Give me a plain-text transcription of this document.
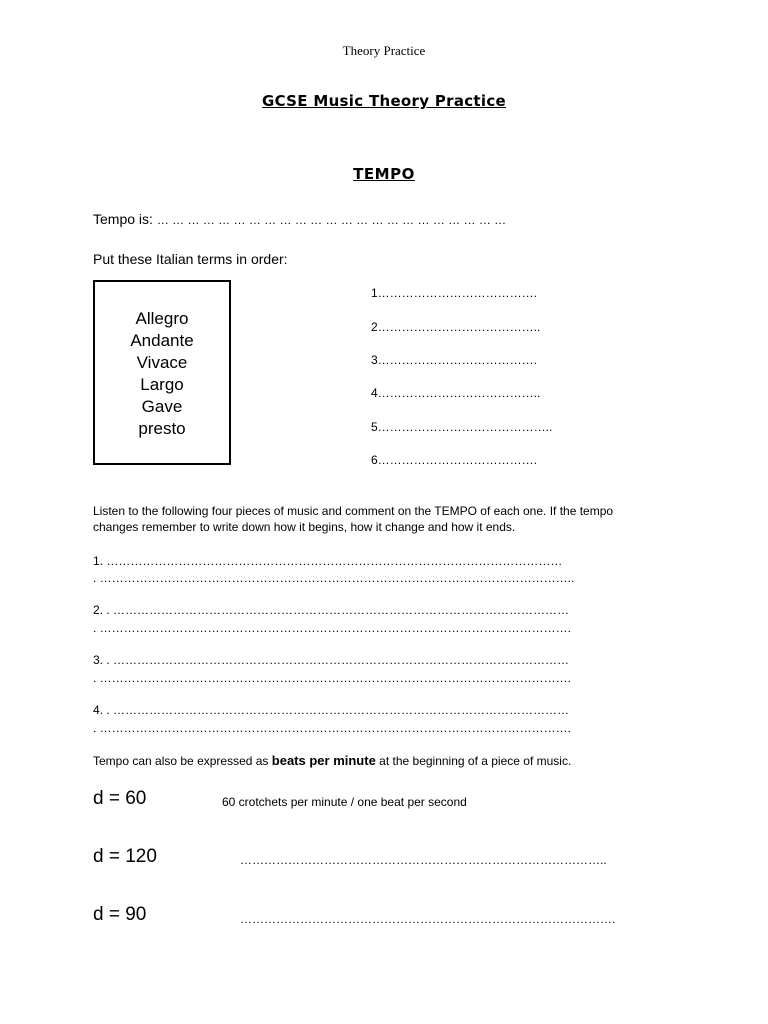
Theory Practice
GCSE Music Theory Practice
TEMPO
Tempo is: … … … … … … … … … … … … … … … … … … … … … … …
Put these Italian terms in order:
Allegro
Andante
Vivace
Largo
Gave
presto
1………………………………….
2…………………………………..
3………………………………….
4…………………………………..
5……………………………………..
6………………………………….
Listen to the following four pieces of music and comment on the TEMPO of each one. If the tempo changes remember to write down how it begins, how it change and how it ends.
1. ……………………………………………………………………………………………………
. ………………………………………………………………………………………………………..
2. . ……………………………………………………………………………………………………
. ……………………………………………………………………………………………………….
3. . ……………………………………………………………………………………………………
. ……………………………………………………………………………………………………….
4. . ……………………………………………………………………………………………………
. ……………………………………………………………………………………………………….
Tempo can also be expressed as beats per minute at the beginning of a piece of music.
d = 60	60 crotchets per minute / one beat per second
d = 120	………………………………………………………………………………..
d = 90	………………………………………………………………………………….
